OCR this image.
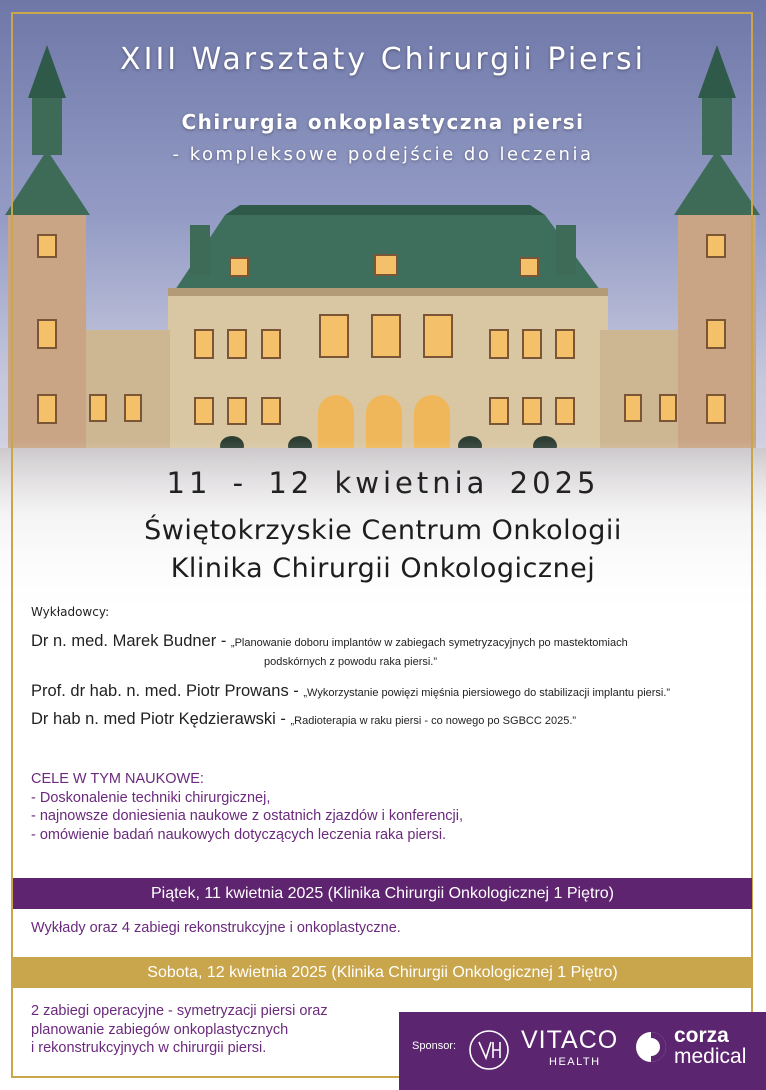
XIII Warsztaty Chirurgii Piersi
Chirurgia onkoplastyczna piersi
- kompleksowe podejście do leczenia
11 - 12 kwietnia 2025
Świętokrzyskie Centrum Onkologii
Klinika Chirurgii Onkologicznej
Wykładowcy:
Dr n. med. Marek Budner - „Planowanie doboru implantów w zabiegach symetryzacyjnych po mastektomiach
podskórnych z powodu raka piersi.”
Prof. dr hab. n. med. Piotr Prowans - „Wykorzystanie powięzi mięśnia piersiowego do stabilizacji implantu piersi.”
Dr hab n. med Piotr Kędzierawski - „Radioterapia w raku piersi - co nowego po SGBCC 2025.”
CELE W TYM NAUKOWE:
- Doskonalenie techniki chirurgicznej,
- najnowsze doniesienia naukowe z ostatnich zjazdów i konferencji,
- omówienie badań naukowych dotyczących leczenia raka piersi.
Piątek, 11 kwietnia 2025 (Klinika Chirurgii Onkologicznej 1 Piętro)
Wykłady oraz 4 zabiegi rekonstrukcyjne i onkoplastyczne.
Sobota, 12 kwietnia 2025 (Klinika Chirurgii Onkologicznej 1 Piętro)
2 zabiegi operacyjne - symetryzacji piersi oraz
planowanie zabiegów onkoplastycznych
i rekonstrukcyjnych w chirurgii piersi.	Sponsor:	VITACO
HEALTH
corza
medical
